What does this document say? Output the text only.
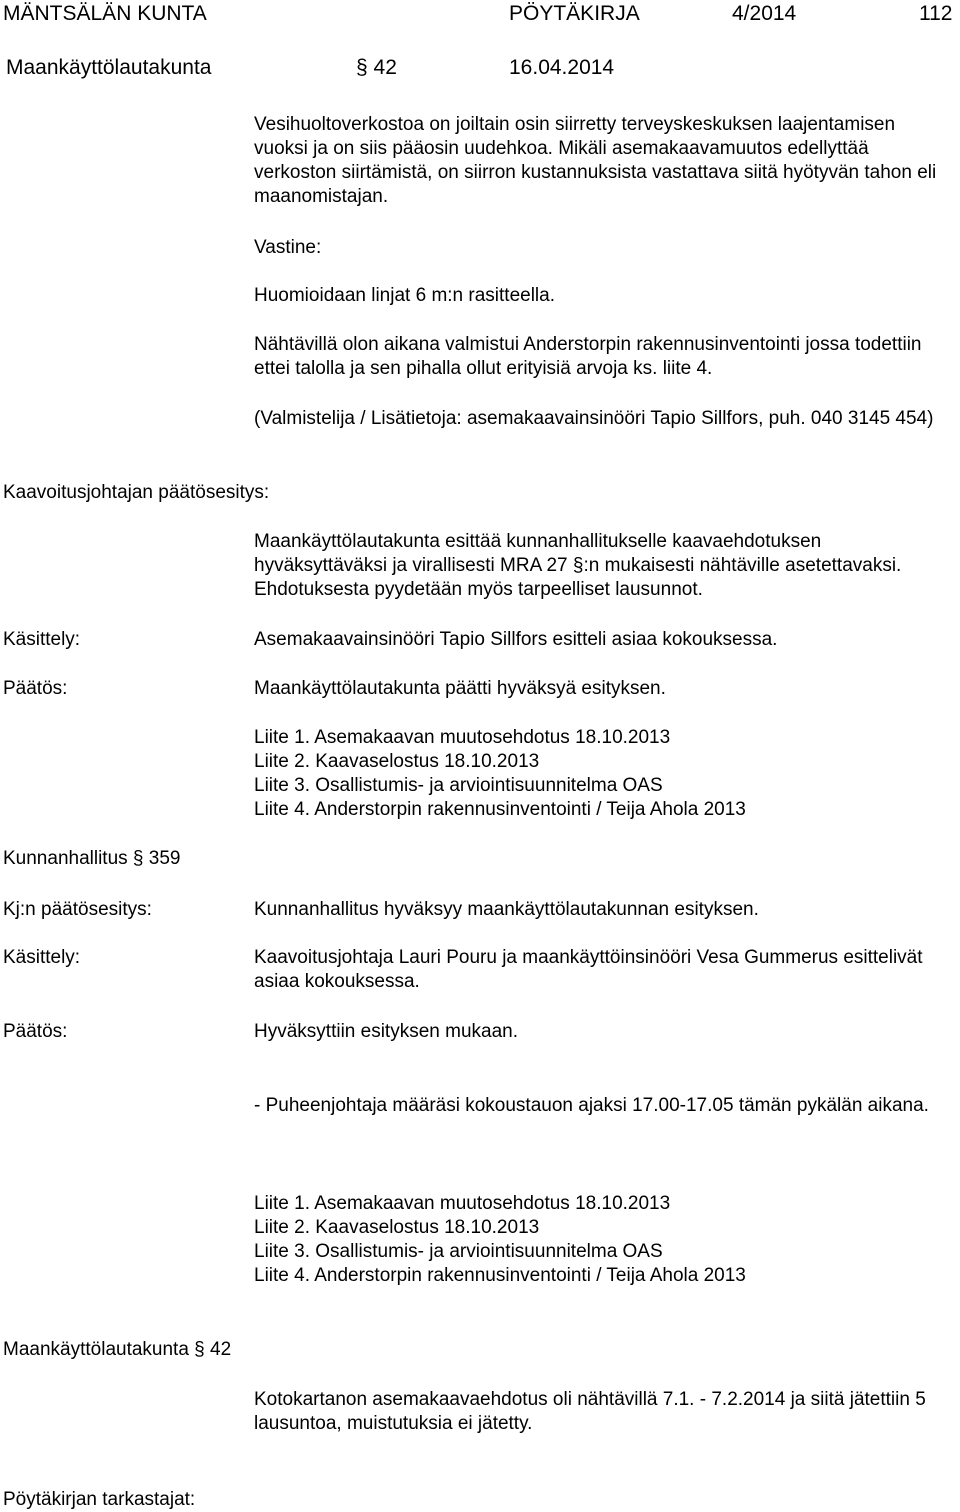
MÄNTSÄLÄN KUNTA	PÖYTÄKIRJA	4/2014	112
Maankäyttölautakunta	§ 42	16.04.2014
Vesihuoltoverkostoa on joiltain osin siirretty terveyskeskuksen laajentamisen vuoksi ja on siis pääosin uudehkoa. Mikäli asemakaavamuutos edellyttää verkoston siirtämistä, on siirron kustannuksista vastattava siitä hyötyvän tahon eli maanomistajan.
Vastine:
Huomioidaan linjat 6 m:n rasitteella.
Nähtävillä olon aikana valmistui Anderstorpin rakennusinventointi jossa todettiin ettei talolla ja sen pihalla ollut erityisiä arvoja ks. liite 4.
(Valmistelija / Lisätietoja: asemakaavainsinööri Tapio Sillfors, puh. 040 3145 454)
Kaavoitusjohtajan päätösesitys:
Maankäyttölautakunta esittää kunnanhallitukselle kaavaehdotuksen hyväksyttäväksi ja virallisesti MRA 27 §:n mukaisesti nähtäville asetettavaksi. Ehdotuksesta pyydetään myös tarpeelliset lausunnot.
Käsittely:	Asemakaavainsinööri Tapio Sillfors esitteli asiaa kokouksessa.
Päätös:	Maankäyttölautakunta päätti hyväksyä esityksen.
Liite 1. Asemakaavan muutosehdotus 18.10.2013
Liite 2. Kaavaselostus 18.10.2013
Liite 3. Osallistumis- ja arviointisuunnitelma OAS
Liite 4. Anderstorpin rakennusinventointi / Teija Ahola 2013
Kunnanhallitus § 359
Kj:n päätösesitys:	Kunnanhallitus hyväksyy maankäyttölautakunnan esityksen.
Käsittely:	Kaavoitusjohtaja Lauri Pouru ja maankäyttöinsinööri Vesa Gummerus esittelivät asiaa kokouksessa.
Päätös:	Hyväksyttiin esityksen mukaan.
- Puheenjohtaja määräsi kokoustauon ajaksi 17.00-17.05 tämän pykälän aikana.
Liite 1. Asemakaavan muutosehdotus 18.10.2013
Liite 2. Kaavaselostus 18.10.2013
Liite 3. Osallistumis- ja arviointisuunnitelma OAS
Liite 4. Anderstorpin rakennusinventointi / Teija Ahola 2013
Maankäyttölautakunta § 42
Kotokartanon asemakaavaehdotus oli nähtävillä 7.1. - 7.2.2014 ja siitä jätettiin 5 lausuntoa, muistutuksia ei jätetty.
Pöytäkirjan tarkastajat:
